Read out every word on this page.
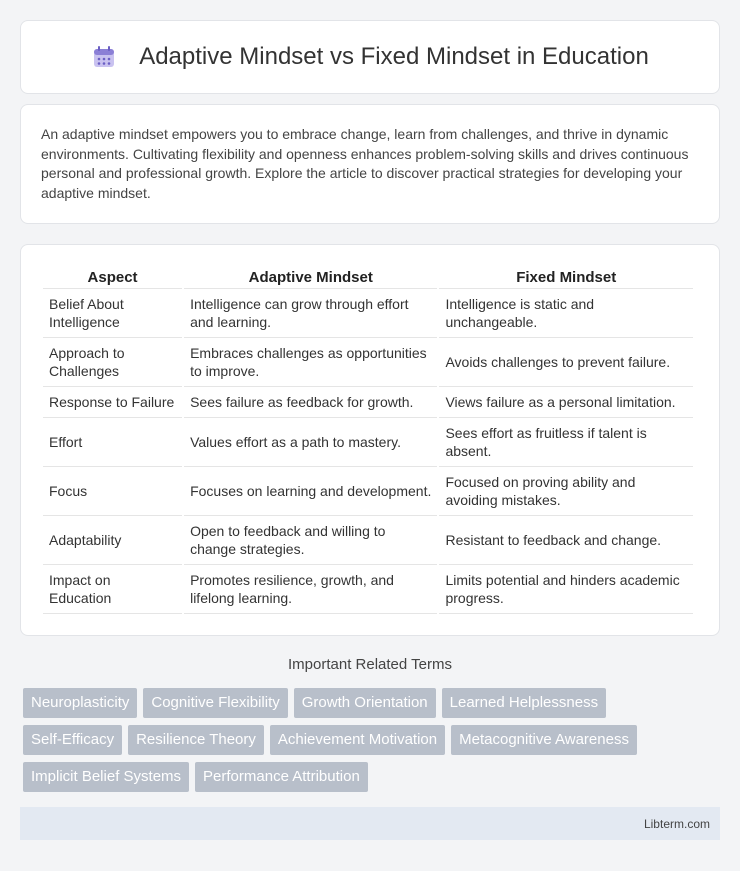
Adaptive Mindset vs Fixed Mindset in Education

An adaptive mindset empowers you to embrace change, learn from challenges, and thrive in dynamic environments. Cultivating flexibility and openness enhances problem-solving skills and drives continuous personal and professional growth. Explore the article to discover practical strategies for developing your adaptive mindset.

Aspect	Adaptive Mindset	Fixed Mindset
Belief About Intelligence	Intelligence can grow through effort and learning.	Intelligence is static and unchangeable.
Approach to Challenges	Embraces challenges as opportunities to improve.	Avoids challenges to prevent failure.
Response to Failure	Sees failure as feedback for growth.	Views failure as a personal limitation.
Effort	Values effort as a path to mastery.	Sees effort as fruitless if talent is absent.
Focus	Focuses on learning and development.	Focused on proving ability and avoiding mistakes.
Adaptability	Open to feedback and willing to change strategies.	Resistant to feedback and change.
Impact on Education	Promotes resilience, growth, and lifelong learning.	Limits potential and hinders academic progress.
Important Related Terms
Neuroplasticity	Cognitive Flexibility	Growth Orientation	Learned Helplessness
Self-Efficacy	Resilience Theory	Achievement Motivation	Metacognitive Awareness
Implicit Belief Systems	Performance Attribution
Libterm.com
